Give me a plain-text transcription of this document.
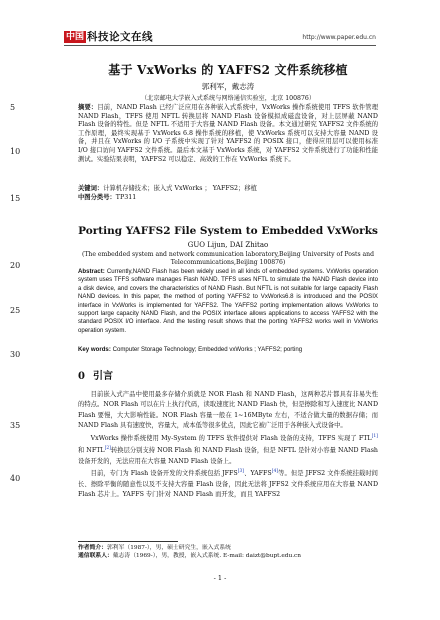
中国 科技论文在线	http://www.paper.edu.cn
5
10
15
20
25
30
35
40
基于 VxWorks 的 YAFFS2 文件系统移植
郭利军，戴志涛
（北京邮电大学嵌入式系统与网络通信实验室，北京 100876）

摘要：目前，NAND Flash 已经广泛应用在各种嵌入式系统中，VxWorks 操作系统使用 TFFS 软件管理 NAND Flash，TFFS 使用 NFTL 转换层将 NAND Flash 设备模拟成磁盘设备，对上层屏蔽 NAND Flash 设备的特性。但是 NFTL 不适用于大容量 NAND Flash 设备。本文通过研究 YAFFS2 文件系统的工作原理，最终实现基于 VxWorks 6.8 操作系统的移植，使 VxWorks 系统可以支持大容量 NAND 设备，并且在 VxWorks 的 I/O 子系统中实现了针对 YAFFS2 的 POSIX 接口，使得应用层可以使用标准 I/O 接口访问 YAFFS2 文件系统。最后本文基于 VxWorks 系统，对 YAFFS2 文件系统进行了功能和性能测试。实验结果表明，YAFFS2 可以稳定、高效的工作在 VxWorks 系统下。

关键词：计算机存储技术；嵌入式 VxWorks ； YAFFS2；移植

中图分类号：TP311

Porting YAFFS2 File System to Embedded VxWorks
GUO Lijun, DAI Zhitao
(The embedded system and network communication laboratory,Beijing University of Posts and Telecommunications,Beijing 100876)

Abstract: Currently,NAND Flash has been widely used in all kinds of embedded systems. VxWorks operation system uses TFFS software manages Flash NAND. TFFS uses NFTL to simulate the NAND Flash device into a disk device, and covers the characteristics of NAND Flash. But NFTL is not suitable for large capacity Flash NAND devices. In this paper, the method of porting YAFFS2 to VxWorks6.8 is introduced and the POSIX interface in VxWorks is implemented for YAFFS2. The YAFFS2 porting implementation allows VxWorks to support large capacity NAND Flash, and the POSIX interface allows applications to access YAFFS2 with the standard POSIX I/O interface. And the testing result shows that the porting YAFFS2 works well in VxWorks operation system.

Key words: Computer Storage Technology; Embedded vxWorks ; YAFFS2; porting

0 引言

目前嵌入式产品中使用最多存储介质就是 NOR Flash 和 NAND Flash，这两种芯片都具有非易失性的特点。NOR Flash 可以在片上执行代码，读取速度比 NAND Flash 快，但是擦除和写入速度比 NAND Flash 要慢，大大影响性能。NOR Flash 容量一般在 1~16MByte 左右，不适合做大量的数据存储；而 NAND Flash 具有速度快，容量大，成本低等很多优点，因此它被广泛用于各种嵌入式设备中。

VxWorks 操作系统使用 My-System 的 TFFS 软件提供对 Flash 设备的支持，TFFS 实现了 FTL[1]和 NFTL[2]转换层分别支持 NOR Flash 和 NAND Flash 设备，但是 NFTL 是针对小容量 NAND Flash 设备开发的，无法应用在大容量 NAND Flash 设备上。

目前，专门为 Flash 设备开发的文件系统包括 JFFS[3]、YAFFS[4]等。但是 JFFS2 文件系统挂载时间长、擦除平衡的随意性以及不支持大容量 Flash 设备，因此无法将 JFFS2 文件系统应用在大容量 NAND Flash 芯片上。YAFFS 专门针对 NAND Flash 而开发，而且 YAFFS2

作者简介：郭利军（1987-），男，硕士研究生，嵌入式系统
通信联系人：戴志涛（1969-），男，教授，嵌入式系统. E-mail: daizt@bupt.edu.cn
- 1 -
